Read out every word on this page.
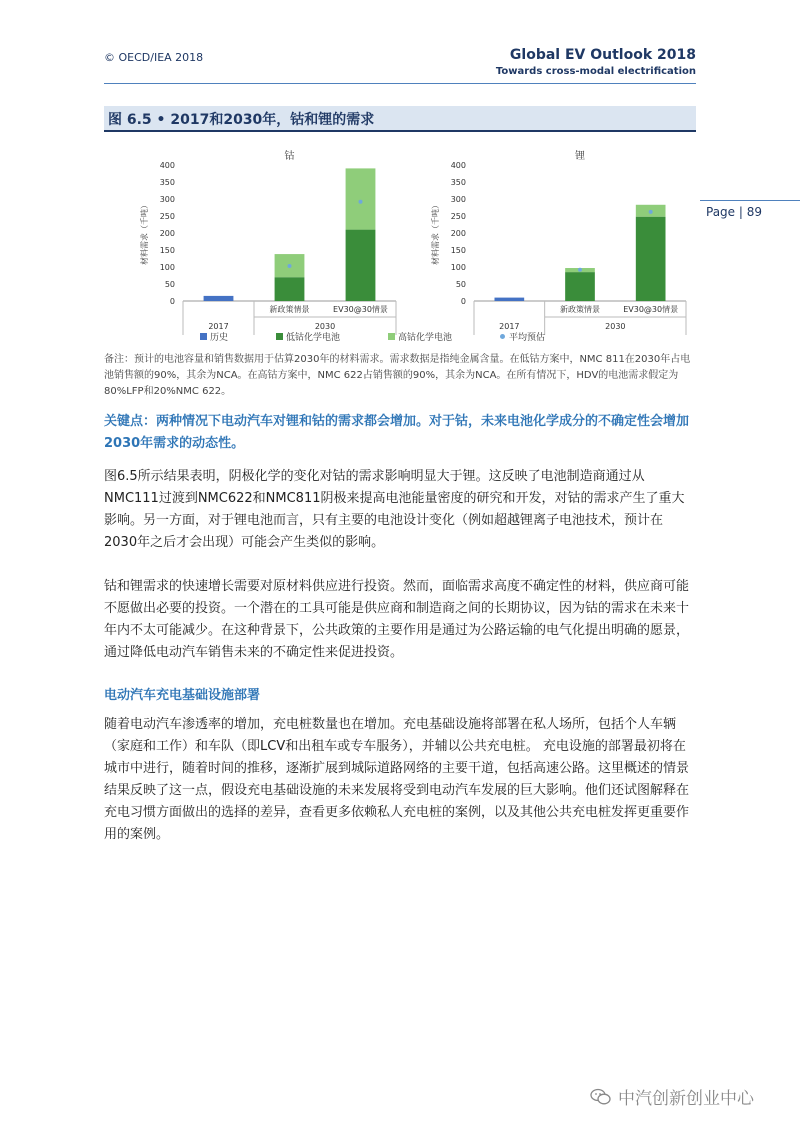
© OECD/IEA 2018	Global EV Outlook 2018
Towards cross-modal electrification
图 6.5 • 2017和2030年，钴和锂的需求
Page | 89
钴
0
50
100
150
200
250
300
350
400
材料需求（千吨）
新政策情景	EV30@30情景
2017	2030
锂
0
50
100
150
200
250
300
350
400
材料需求（千吨）
新政策情景	EV30@30情景
2017	2030
历史	低钴化学电池	高钴化学电池	平均预估
备注：预计的电池容量和销售数据用于估算2030年的材料需求。需求数据是指纯金属含量。在低钴方案中，NMC 811在2030年占电池销售额的90%，其余为NCA。在高钴方案中，NMC 622占销售额的90%，其余为NCA。在所有情况下，HDV的电池需求假定为80%LFP和20%NMC 622。
关键点：两种情况下电动汽车对锂和钴的需求都会增加。对于钴，未来电池化学成分的不确定性会增加2030年需求的动态性。

图6.5所示结果表明，阴极化学的变化对钴的需求影响明显大于锂。这反映了电池制造商通过从NMC111过渡到NMC622和NMC811阴极来提高电池能量密度的研究和开发，对钴的需求产生了重大影响。另一方面，对于锂电池而言，只有主要的电池设计变化（例如超越锂离子电池技术，预计在2030年之后才会出现）可能会产生类似的影响。

钴和锂需求的快速增长需要对原材料供应进行投资。然而，面临需求高度不确定性的材料，供应商可能不愿做出必要的投资。一个潜在的工具可能是供应商和制造商之间的长期协议，因为钴的需求在未来十年内不太可能减少。在这种背景下，公共政策的主要作用是通过为公路运输的电气化提出明确的愿景，通过降低电动汽车销售未来的不确定性来促进投资。

电动汽车充电基础设施部署

随着电动汽车渗透率的增加，充电桩数量也在增加。充电基础设施将部署在私人场所，包括个人车辆（家庭和工作）和车队（即LCV和出租车或专车服务），并辅以公共充电桩。 充电设施的部署最初将在城市中进行，随着时间的推移，逐渐扩展到城际道路网络的主要干道，包括高速公路。这里概述的情景结果反映了这一点，假设充电基础设施的未来发展将受到电动汽车发展的巨大影响。他们还试图解释在充电习惯方面做出的选择的差异，查看更多依赖私人充电桩的案例，以及其他公共充电桩发挥更重要作用的案例。

中汽创新创业中心
